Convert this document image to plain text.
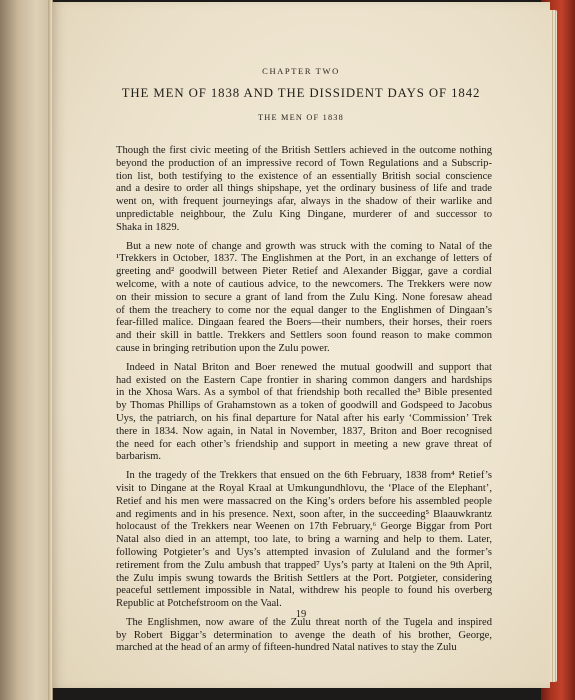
CHAPTER TWO
THE MEN OF 1838 AND THE DISSIDENT DAYS OF 1842
THE MEN OF 1838
Though the first civic meeting of the British Settlers achieved in the outcome nothing
beyond the production of an impressive record of Town Regulations and a Subscrip-
tion list, both testifying to the existence of an essentially British social conscience
and a desire to order all things shipshape, yet the ordinary business of life and trade
went on, with frequent journeyings afar, always in the shadow of their warlike and
unpredictable neighbour, the Zulu King Dingane, murderer of and successor to
Shaka in 1829.
But a new note of change and growth was struck with the coming to Natal of the
¹Trekkers in October, 1837. The Englishmen at the Port, in an exchange of letters of
greeting and² goodwill between Pieter Retief and Alexander Biggar, gave a cordial
welcome, with a note of cautious advice, to the newcomers. The Trekkers were now
on their mission to secure a grant of land from the Zulu King. None foresaw ahead
of them the treachery to come nor the equal danger to the Englishmen of Dingaan’s
fear-filled malice. Dingaan feared the Boers—their numbers, their horses, their roers
and their skill in battle. Trekkers and Settlers soon found reason to make common
cause in bringing retribution upon the Zulu power.
Indeed in Natal Briton and Boer renewed the mutual goodwill and support that
had existed on the Eastern Cape frontier in sharing common dangers and hardships
in the Xhosa Wars. As a symbol of that friendship both recalled the³ Bible presented
by Thomas Phillips of Grahamstown as a token of goodwill and Godspeed to Jacobus
Uys, the patriarch, on his final departure for Natal after his early ‘Commission’ Trek
there in 1834. Now again, in Natal in November, 1837, Briton and Boer recognised
the need for each other’s friendship and support in meeting a new grave threat of
barbarism.
In the tragedy of the Trekkers that ensued on the 6th February, 1838 from⁴ Retief’s
visit to Dingane at the Royal Kraal at Umkungundhlovu, the ‘Place of the Elephant’,
Retief and his men were massacred on the King’s orders before his assembled people
and regiments and in his presence. Next, soon after, in the succeeding⁵ Blaauwkrantz
holocaust of the Trekkers near Weenen on 17th February,⁶ George Biggar from Port
Natal also died in an attempt, too late, to bring a warning and help to them. Later,
following Potgieter’s and Uys’s attempted invasion of Zululand and the former’s
retirement from the Zulu ambush that trapped⁷ Uys’s party at Italeni on the 9th April,
the Zulu impis swung towards the British Settlers at the Port. Potgieter, considering
peaceful settlement impossible in Natal, withdrew his people to found his overberg
Republic at Potchefstroom on the Vaal.
The Englishmen, now aware of the Zulu threat north of the Tugela and inspired
by Robert Biggar’s determination to avenge the death of his brother, George,
marched at the head of an army of fifteen-hundred Natal natives to stay the Zulu
19
